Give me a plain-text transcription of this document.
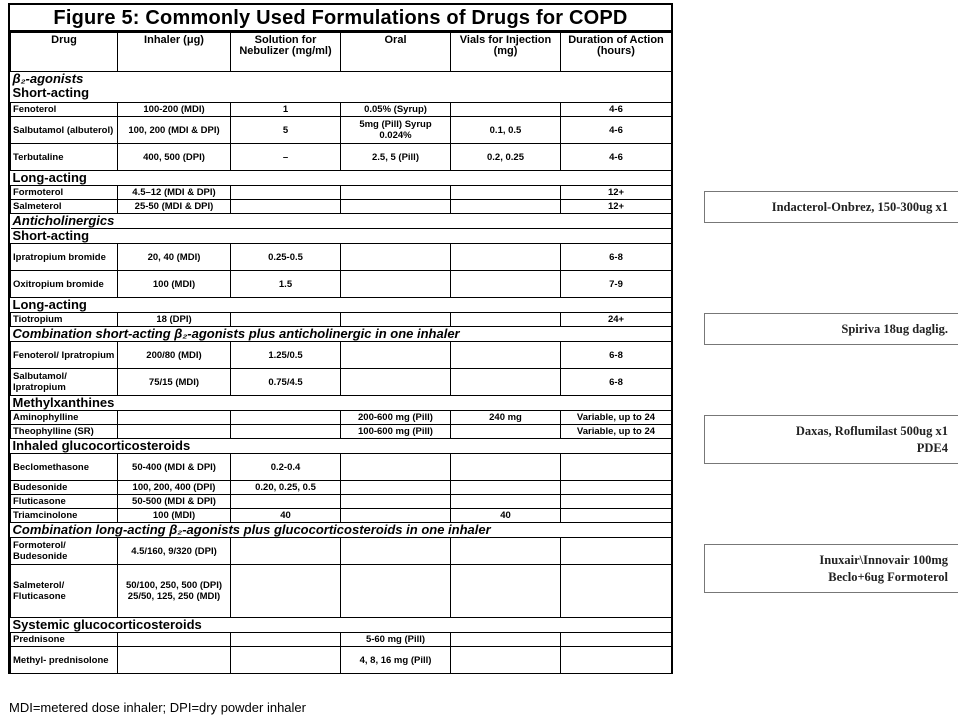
Figure 5: Commonly Used Formulations of Drugs for COPD
Drug	Inhaler (μg)	Solution for Nebulizer (mg/ml)	Oral	Vials for Injection (mg)	Duration of Action (hours)

β₂-agonists
Short-acting					

Fenoterol	100-200 (MDI)	1	0.05% (Syrup)		4-6
Salbutamol (albuterol)	100, 200 (MDI & DPI)	5	5mg (Pill) Syrup 0.024%	0.1, 0.5	4-6
Terbutaline	400, 500 (DPI)	–	2.5, 5 (Pill)	0.2, 0.25	4-6
Long-acting					
Formoterol	4.5–12 (MDI & DPI)				12+
Salmeterol	25-50 (MDI & DPI)				12+
Anticholinergics					
Short-acting					
Ipratropium bromide	20, 40 (MDI)	0.25-0.5			6-8
Oxitropium bromide	100 (MDI)	1.5			7-9
Long-acting					
Tiotropium	18 (DPI)				24+
Combination short-acting β₂-agonists plus anticholinergic in one inhaler					
Fenoterol/ Ipratropium	200/80 (MDI)	1.25/0.5			6-8
Salbutamol/ Ipratropium	75/15 (MDI)	0.75/4.5			6-8
Methylxanthines					
Aminophylline			200-600 mg (Pill)	240 mg	Variable, up to 24
Theophylline (SR)			100-600 mg (Pill)		Variable, up to 24
Inhaled glucocorticosteroids					
Beclomethasone	50-400 (MDI & DPI)	0.2-0.4			
Budesonide	100, 200, 400 (DPI)	0.20, 0.25, 0.5			
Fluticasone	50-500 (MDI & DPI)				
Triamcinolone	100 (MDI)	40		40	
Combination long-acting β₂-agonists plus glucocorticosteroids in one inhaler					
Formoterol/ Budesonide	4.5/160, 9/320 (DPI)				
Salmeterol/ Fluticasone	50/100, 250, 500 (DPI) 25/50, 125, 250 (MDI)				
Systemic glucocorticosteroids					
Prednisone			5-60 mg (Pill)		
Methyl- prednisolone			4, 8, 16 mg (Pill)		
MDI=metered dose inhaler; DPI=dry powder inhaler
Indacterol-Onbrez, 150-300ug x1
Spiriva 18ug daglig.
Daxas, Roflumilast 500ug x1
PDE4
Inuxair\Innovair 100mg
Beclo+6ug Formoterol
